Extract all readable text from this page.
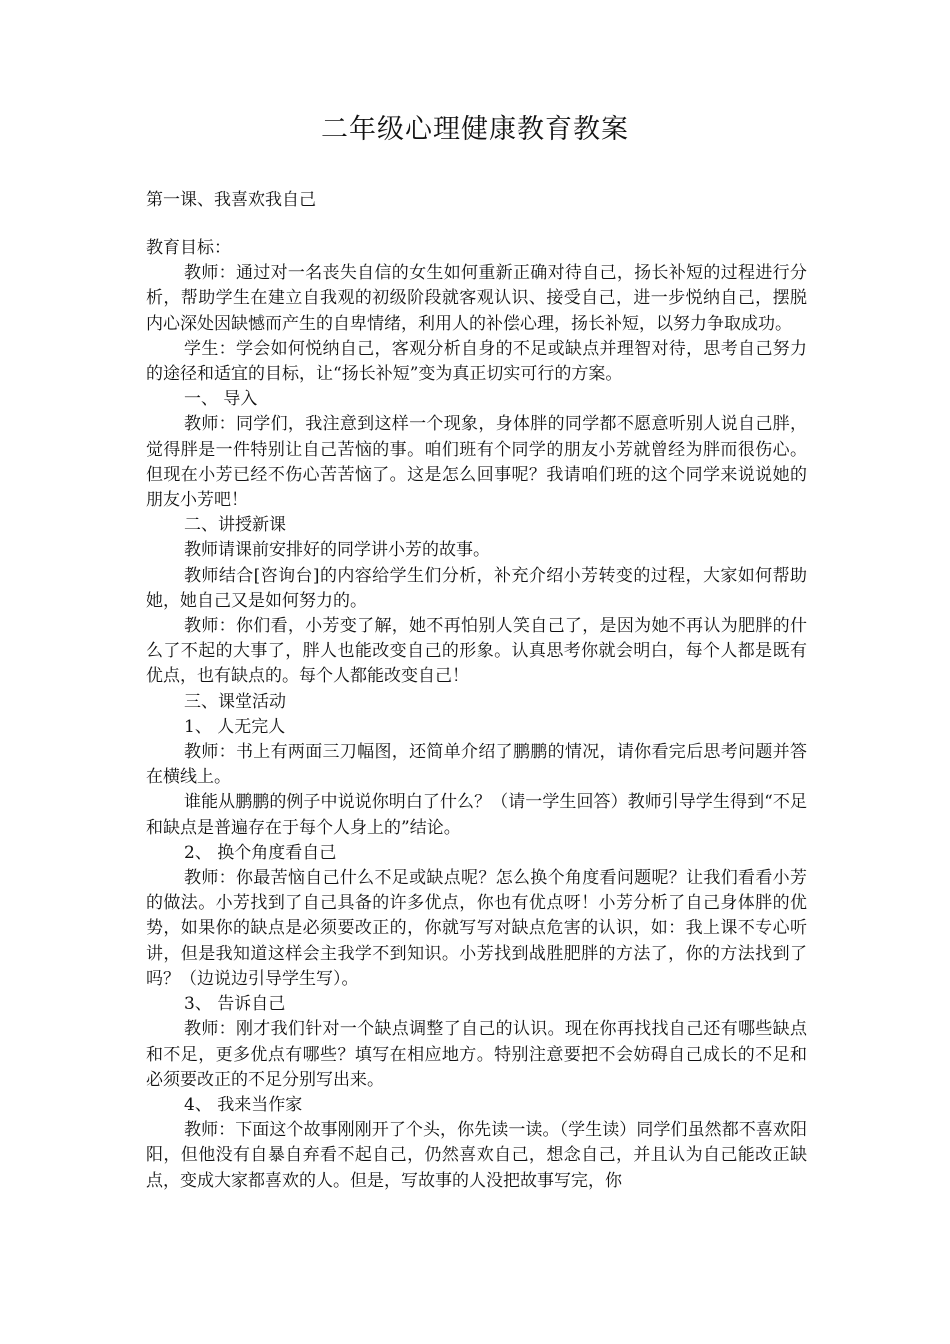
二年级心理健康教育教案
第一课、我喜欢我自己

教育目标：

教师：通过对一名丧失自信的女生如何重新正确对待自己，扬长补短的过程进行分析，帮助学生在建立自我观的初级阶段就客观认识、接受自己，进一步悦纳自己，摆脱内心深处因缺憾而产生的自卑情绪，利用人的补偿心理，扬长补短，以努力争取成功。

学生：学会如何悦纳自己，客观分析自身的不足或缺点并理智对待，思考自己努力的途径和适宜的目标，让“扬长补短”变为真正切实可行的方案。

一、 导入

教师：同学们，我注意到这样一个现象，身体胖的同学都不愿意听别人说自己胖，觉得胖是一件特别让自己苦恼的事。咱们班有个同学的朋友小芳就曾经为胖而很伤心。但现在小芳已经不伤心苦苦恼了。这是怎么回事呢？我请咱们班的这个同学来说说她的朋友小芳吧！

二、讲授新课

教师请课前安排好的同学讲小芳的故事。

教师结合[咨询台]的内容给学生们分析，补充介绍小芳转变的过程，大家如何帮助她，她自己又是如何努力的。

教师：你们看，小芳变了解，她不再怕别人笑自己了，是因为她不再认为肥胖的什么了不起的大事了，胖人也能改变自己的形象。认真思考你就会明白，每个人都是既有优点，也有缺点的。每个人都能改变自己！

三、课堂活动

1、 人无完人

教师：书上有两面三刀幅图，还简单介绍了鹏鹏的情况，请你看完后思考问题并答在横线上。

谁能从鹏鹏的例子中说说你明白了什么？（请一学生回答）教师引导学生得到“不足和缺点是普遍存在于每个人身上的”结论。

2、 换个角度看自己

教师：你最苦恼自己什么不足或缺点呢？怎么换个角度看问题呢？让我们看看小芳的做法。小芳找到了自己具备的许多优点，你也有优点呀！小芳分析了自己身体胖的优势，如果你的缺点是必须要改正的，你就写写对缺点危害的认识，如：我上课不专心听讲，但是我知道这样会主我学不到知识。小芳找到战胜肥胖的方法了，你的方法找到了吗？（边说边引导学生写）。

3、 告诉自己

教师：刚才我们针对一个缺点调整了自己的认识。现在你再找找自己还有哪些缺点和不足，更多优点有哪些？填写在相应地方。特别注意要把不会妨碍自己成长的不足和必须要改正的不足分别写出来。

4、 我来当作家

教师：下面这个故事刚刚开了个头，你先读一读。（学生读）同学们虽然都不喜欢阳阳，但他没有自暴自弃看不起自己，仍然喜欢自己，想念自己，并且认为自己能改正缺点，变成大家都喜欢的人。但是，写故事的人没把故事写完，你
